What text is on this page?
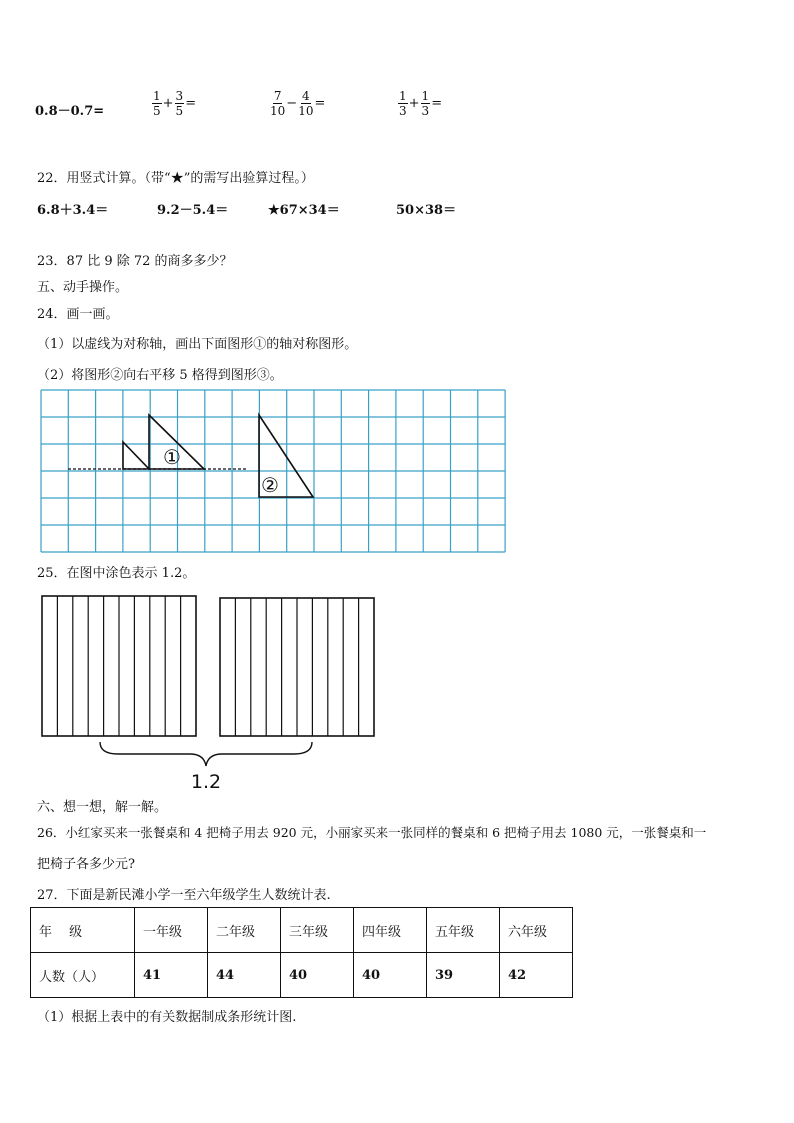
0.8－0.7=	$\frac{1}{5} + \frac{3}{5}$ =	$\frac{7}{10} - \frac{4}{10}$ =	$\frac{1}{3} + \frac{1}{3}$ =
22．用竖式计算。（带“★”的需写出验算过程。）
6.8＋3.4＝	9.2－5.4＝	★67×34＝	50×38＝
23．87 比 9 除 72 的商多多少？
五、动手操作。
24．画一画。
（1）以虚线为对称轴，画出下面图形①的轴对称图形。
（2）将图形②向右平移 5 格得到图形③。
①
②
25．在图中涂色表示 1.2。
1.2
六、想一想，解一解。
26．小红家买来一张餐桌和 4 把椅子用去 920 元，小丽家买来一张同样的餐桌和 6 把椅子用去 1080 元，一张餐桌和一
把椅子各多少元?
27．下面是新民滩小学一至六年级学生人数统计表.
年　 级	一年级	二年级	三年级	四年级	五年级	六年级
人数（人）	41	44	40	40	39	42
（1）根据上表中的有关数据制成条形统计图.
